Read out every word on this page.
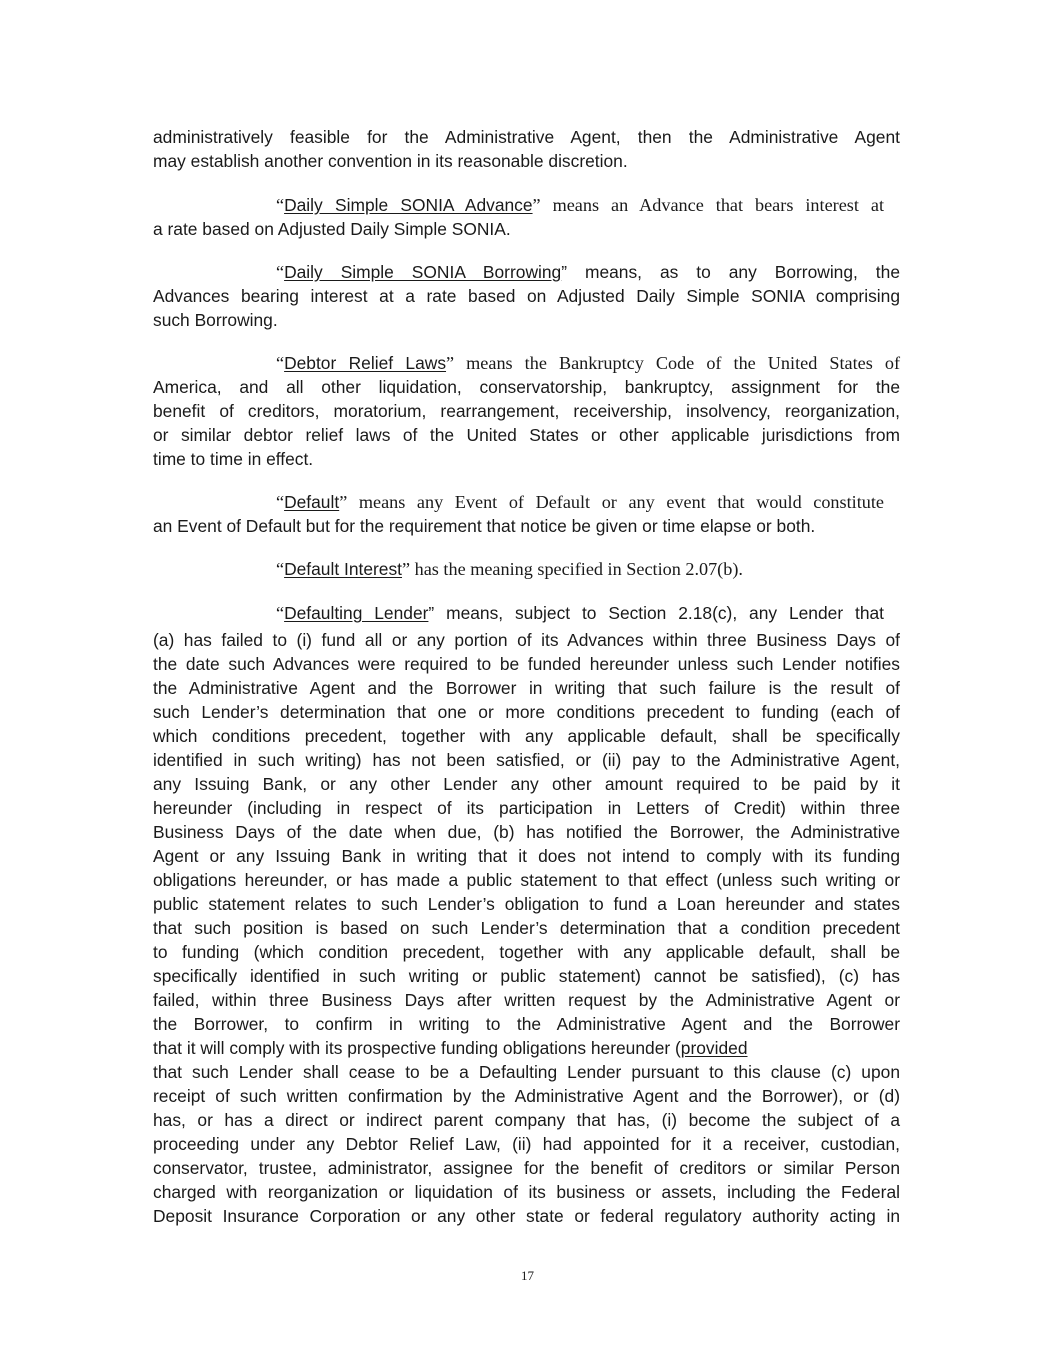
administratively feasible for the Administrative Agent, then the Administrative Agent
may establish another convention in its reasonable discretion.
“Daily Simple SONIA Advance” means an Advance that bears interest at
a rate based on Adjusted Daily Simple SONIA.
“Daily Simple SONIA Borrowing” means, as to any Borrowing, the
Advances bearing interest at a rate based on Adjusted Daily Simple SONIA comprising
such Borrowing.
“Debtor Relief Laws” means the Bankruptcy Code of the United States of
America, and all other liquidation, conservatorship, bankruptcy, assignment for the
benefit of creditors, moratorium, rearrangement, receivership, insolvency, reorganization,
or similar debtor relief laws of the United States or other applicable jurisdictions from
time to time in effect.
“Default” means any Event of Default or any event that would constitute
an Event of Default but for the requirement that notice be given or time elapse or both.
“Default Interest” has the meaning specified in Section 2.07(b).
“Defaulting Lender” means, subject to Section 2.18(c), any Lender that
(a) has failed to (i) fund all or any portion of its Advances within three Business Days of
the date such Advances were required to be funded hereunder unless such Lender notifies
the Administrative Agent and the Borrower in writing that such failure is the result of
such Lender’s determination that one or more conditions precedent to funding (each of
which conditions precedent, together with any applicable default, shall be specifically
identified in such writing) has not been satisfied, or (ii) pay to the Administrative Agent,
any Issuing Bank, or any other Lender any other amount required to be paid by it
hereunder (including in respect of its participation in Letters of Credit) within three
Business Days of the date when due, (b) has notified the Borrower, the Administrative
Agent or any Issuing Bank in writing that it does not intend to comply with its funding
obligations hereunder, or has made a public statement to that effect (unless such writing or
public statement relates to such Lender’s obligation to fund a Loan hereunder and states
that such position is based on such Lender’s determination that a condition precedent
to funding (which condition precedent, together with any applicable default, shall be
specifically identified in such writing or public statement) cannot be satisfied), (c) has
failed, within three Business Days after written request by the Administrative Agent or
the Borrower, to confirm in writing to the Administrative Agent and the Borrower
that it will comply with its prospective funding obligations hereunder (provided
that such Lender shall cease to be a Defaulting Lender pursuant to this clause (c) upon
receipt of such written confirmation by the Administrative Agent and the Borrower), or (d)
has, or has a direct or indirect parent company that has, (i) become the subject of a
proceeding under any Debtor Relief Law, (ii) had appointed for it a receiver, custodian,
conservator, trustee, administrator, assignee for the benefit of creditors or similar Person
charged with reorganization or liquidation of its business or assets, including the Federal
Deposit Insurance Corporation or any other state or federal regulatory authority acting in
17
